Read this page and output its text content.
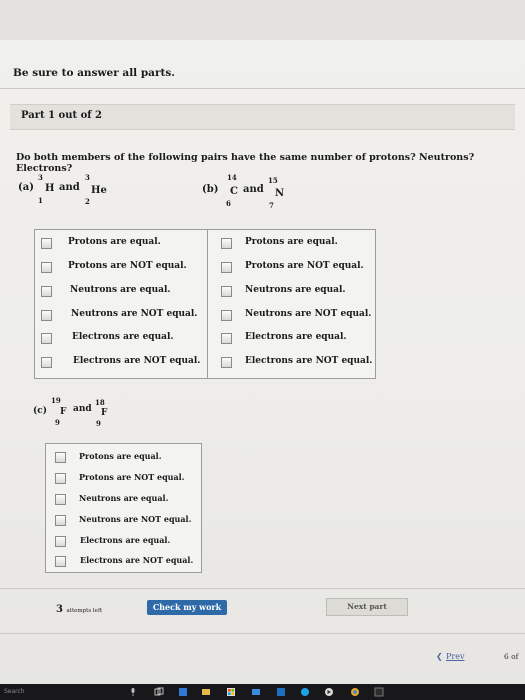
Be sure to answer all parts.
Part 1 out of 2
Do both members of the following pairs have the same number of protons? Neutrons? Electrons?
(a)
3
H
1
and
3
He
2
(b)
14
C
6
and
15
N
7
Protons are equal.
Protons are NOT equal.
Neutrons are equal.
Neutrons are NOT equal.
Electrons are equal.
Electrons are NOT equal.
Protons are equal.
Protons are NOT equal.
Neutrons are equal.
Neutrons are NOT equal.
Electrons are equal.
Electrons are NOT equal.
(c)
19
F
9
and
18
F
9
Protons are equal.
Protons are NOT equal.
Neutrons are equal.
Neutrons are NOT equal.
Electrons are equal.
Electrons are NOT equal.
3 attempts left	Check my work	Next part
❮ Prev	6 of
Search
